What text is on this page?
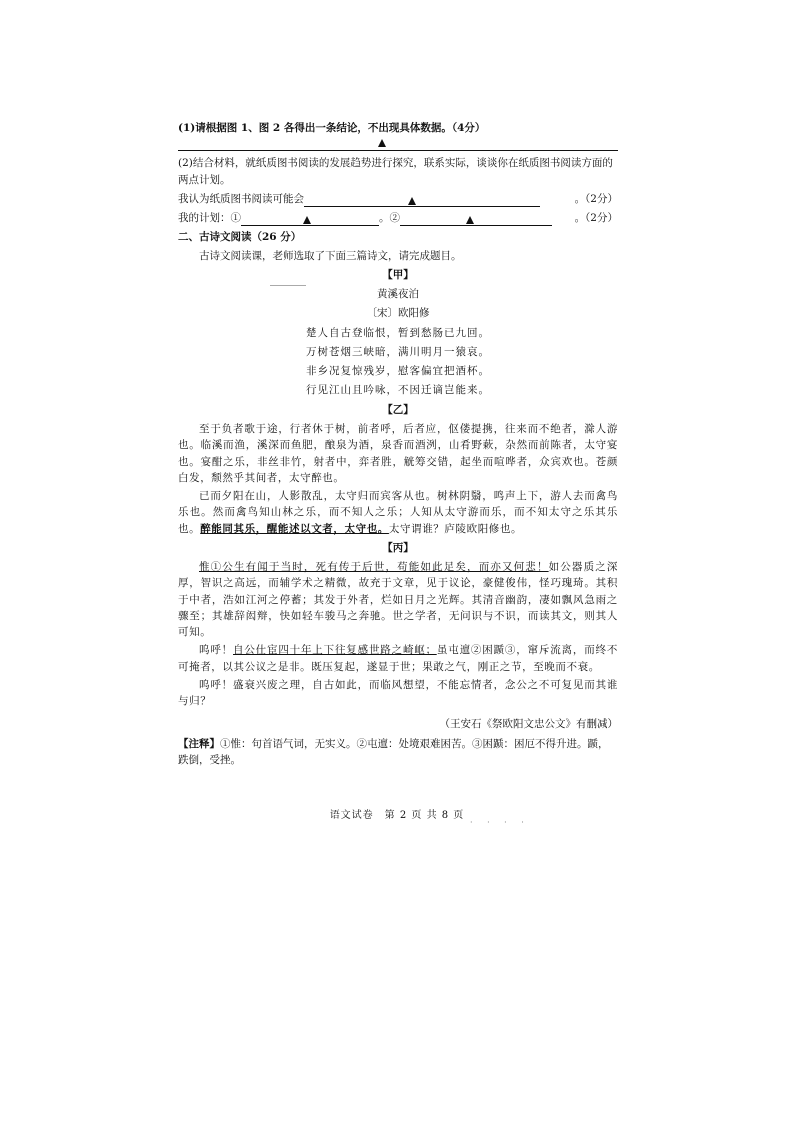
(1)请根据图 1、图 2 各得出一条结论，不出现具体数据。（4分）

(2)结合材料，就纸质图书阅读的发展趋势进行探究，联系实际，谈谈你在纸质图书阅读方面的两点计划。

我认为纸质图书阅读可能会	。（2分）
我的计划：①	。②	。（2分）

二、古诗文阅读（26 分）

古诗文阅读课，老师选取了下面三篇诗文，请完成题目。

【甲】

黄溪夜泊

〔宋〕欧阳修

楚人自古登临恨，暂到愁肠已九回。

万树苍烟三峡暗，满川明月一猿哀。

非乡况复惊残岁，慰客偏宜把酒杯。

行见江山且吟咏，不因迁谪岂能来。

【乙】

至于负者歌于途，行者休于树，前者呼，后者应，伛偻提携，往来而不绝者，滁人游也。临溪而渔，溪深而鱼肥，酿泉为酒，泉香而酒洌，山肴野蔌，杂然而前陈者，太守宴也。宴酣之乐，非丝非竹，射者中，弈者胜，觥筹交错，起坐而喧哗者，众宾欢也。苍颜白发，颓然乎其间者，太守醉也。

已而夕阳在山，人影散乱，太守归而宾客从也。树林阴翳，鸣声上下，游人去而禽鸟乐也。然而禽鸟知山林之乐，而不知人之乐；人知从太守游而乐，而不知太守之乐其乐也。醉能同其乐，醒能述以文者，太守也。太守谓谁？庐陵欧阳修也。

【丙】

惟①公生有闻于当时，死有传于后世，苟能如此足矣，而亦又何悲！如公器质之深厚，智识之高远，而辅学术之精微，故充于文章，见于议论，豪健俊伟，怪巧瑰琦。其积于中者，浩如江河之停蓄；其发于外者，烂如日月之光辉。其清音幽韵，凄如飘风急雨之骤至；其雄辞闳辩，快如轻车骏马之奔驰。世之学者，无问识与不识，而读其文，则其人可知。

呜呼！自公仕宦四十年上下往复感世路之崎岖；虽屯邅②困踬③，窜斥流离，而终不可掩者，以其公议之是非。既压复起，遂显于世；果敢之气，刚正之节，至晚而不衰。

呜呼！盛衰兴废之理，自古如此，而临风想望，不能忘情者，念公之不可复见而其谁与归？

（王安石《祭欧阳文忠公文》有删减）

【注释】①惟：句首语气词，无实义。②屯邅：处境艰难困苦。③困踬：困厄不得升进。踬，跌倒，受挫。

语文试卷　第 2 页 共 8 页
· · · ·
